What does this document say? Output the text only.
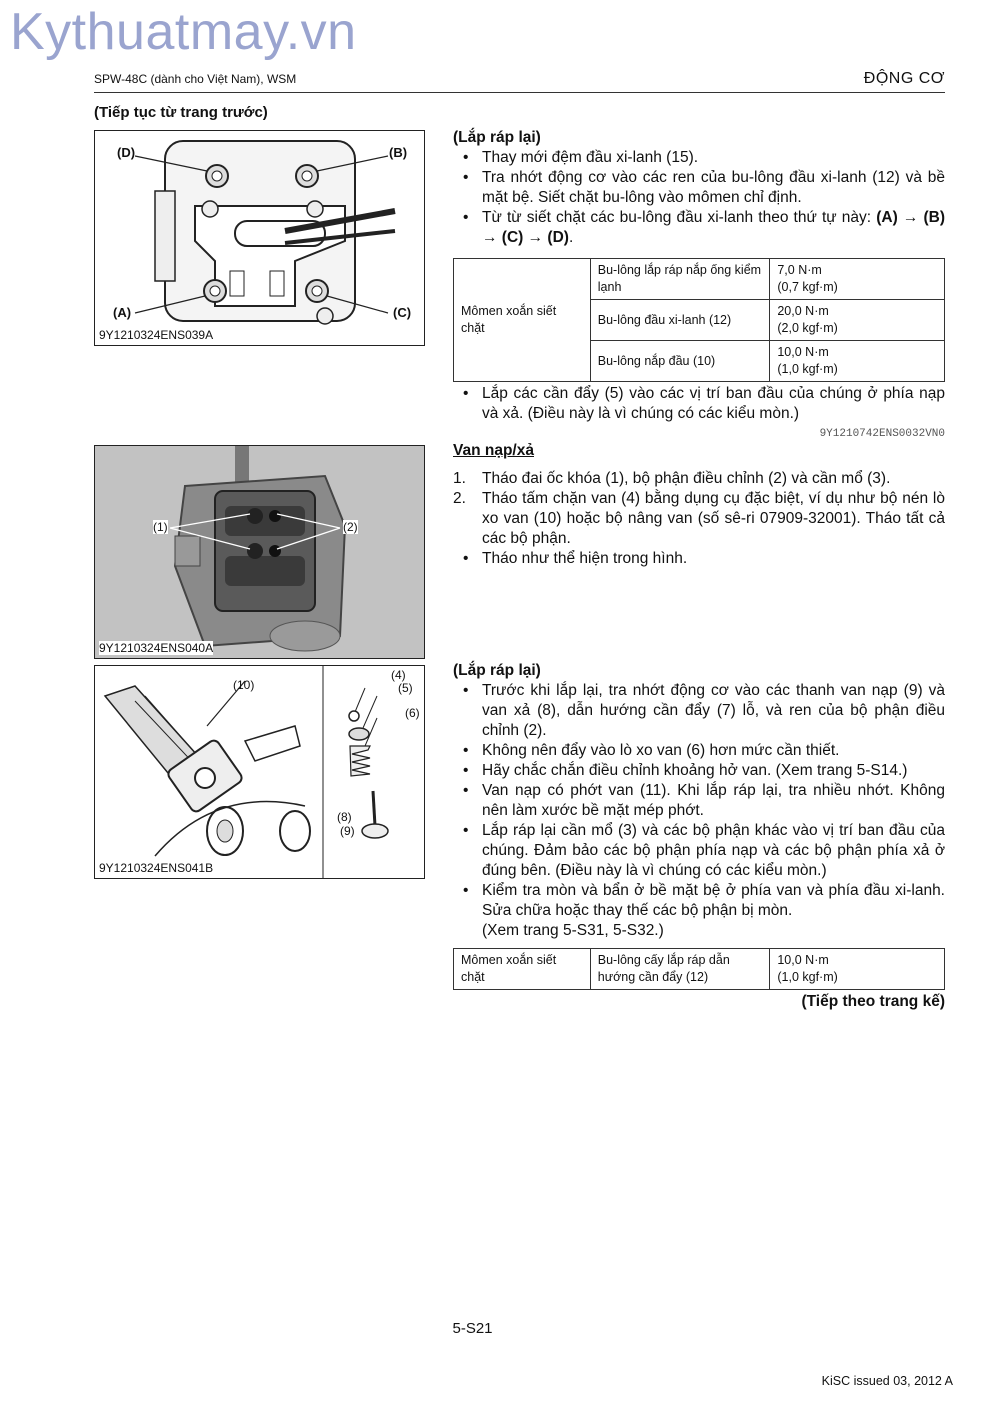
Kythuatmay.vn
SPW-48C (dành cho Việt Nam), WSM	ĐỘNG CƠ
(Tiếp tục từ trang trước)
(D)	(B)
(A)	(C)
9Y1210324ENS039A
(1)	(2)
9Y1210324ENS040A
(10)
(4)
(5)
(6)
(8)
(9)
9Y1210324ENS041B
(Lắp ráp lại)
• Thay mới đệm đầu xi-lanh (15).
• Tra nhớt động cơ vào các ren của bu-lông đầu xi-lanh (12) và bề mặt bệ. Siết chặt bu-lông vào mômen chỉ định.
• Từ từ siết chặt các bu-lông đầu xi-lanh theo thứ tự này: (A) → (B) → (C) → (D).
Mômen xoắn siết chặt	Bu-lông lắp ráp nắp ống kiểm lạnh	7,0 N·m
(0,7 kgf·m)

	Bu-lông đầu xi-lanh (12)	20,0 N·m
(2,0 kgf·m)

	Bu-lông nắp đầu (10)	10,0 N·m
(1,0 kgf·m)
• Lắp các cần đẩy (5) vào các vị trí ban đầu của chúng ở phía nạp và xả. (Điều này là vì chúng có các kiểu mòn.)
9Y1210742ENS0032VN0
Van nạp/xả
1. Tháo đai ốc khóa (1), bộ phận điều chỉnh (2) và cần mổ (3).
2. Tháo tấm chặn van (4) bằng dụng cụ đặc biệt, ví dụ như bộ nén lò xo van (10) hoặc bộ nâng van (số sê-ri 07909-32001). Tháo tất cả các bộ phận.
• Tháo như thể hiện trong hình.
(Lắp ráp lại)
• Trước khi lắp lại, tra nhớt động cơ vào các thanh van nạp (9) và van xả (8), dẫn hướng cần đẩy (7) lỗ, và ren của bộ phận điều chỉnh (2).
• Không nên đẩy vào lò xo van (6) hơn mức cần thiết.
• Hãy chắc chắn điều chỉnh khoảng hở van. (Xem trang 5-S14.)
• Van nạp có phớt van (11). Khi lắp ráp lại, tra nhiều nhớt. Không nên làm xước bề mặt mép phớt.
• Lắp ráp lại cần mổ (3) và các bộ phận khác vào vị trí ban đầu của chúng. Đảm bảo các bộ phận phía nạp và các bộ phận phía xả ở đúng bên. (Điều này là vì chúng có các kiểu mòn.)
• Kiểm tra mòn và bẩn ở bề mặt bệ ở phía van và phía đầu xi-lanh. Sửa chữa hoặc thay thế các bộ phận bị mòn.
(Xem trang 5-S31, 5-S32.)
Mômen xoắn siết chặt	Bu-lông cấy lắp ráp dẫn hướng cần đẩy (12)	
10,0 N·m
(1,0 kgf·m)
(Tiếp theo trang kế)
5-S21
KiSC issued 03, 2012 A
